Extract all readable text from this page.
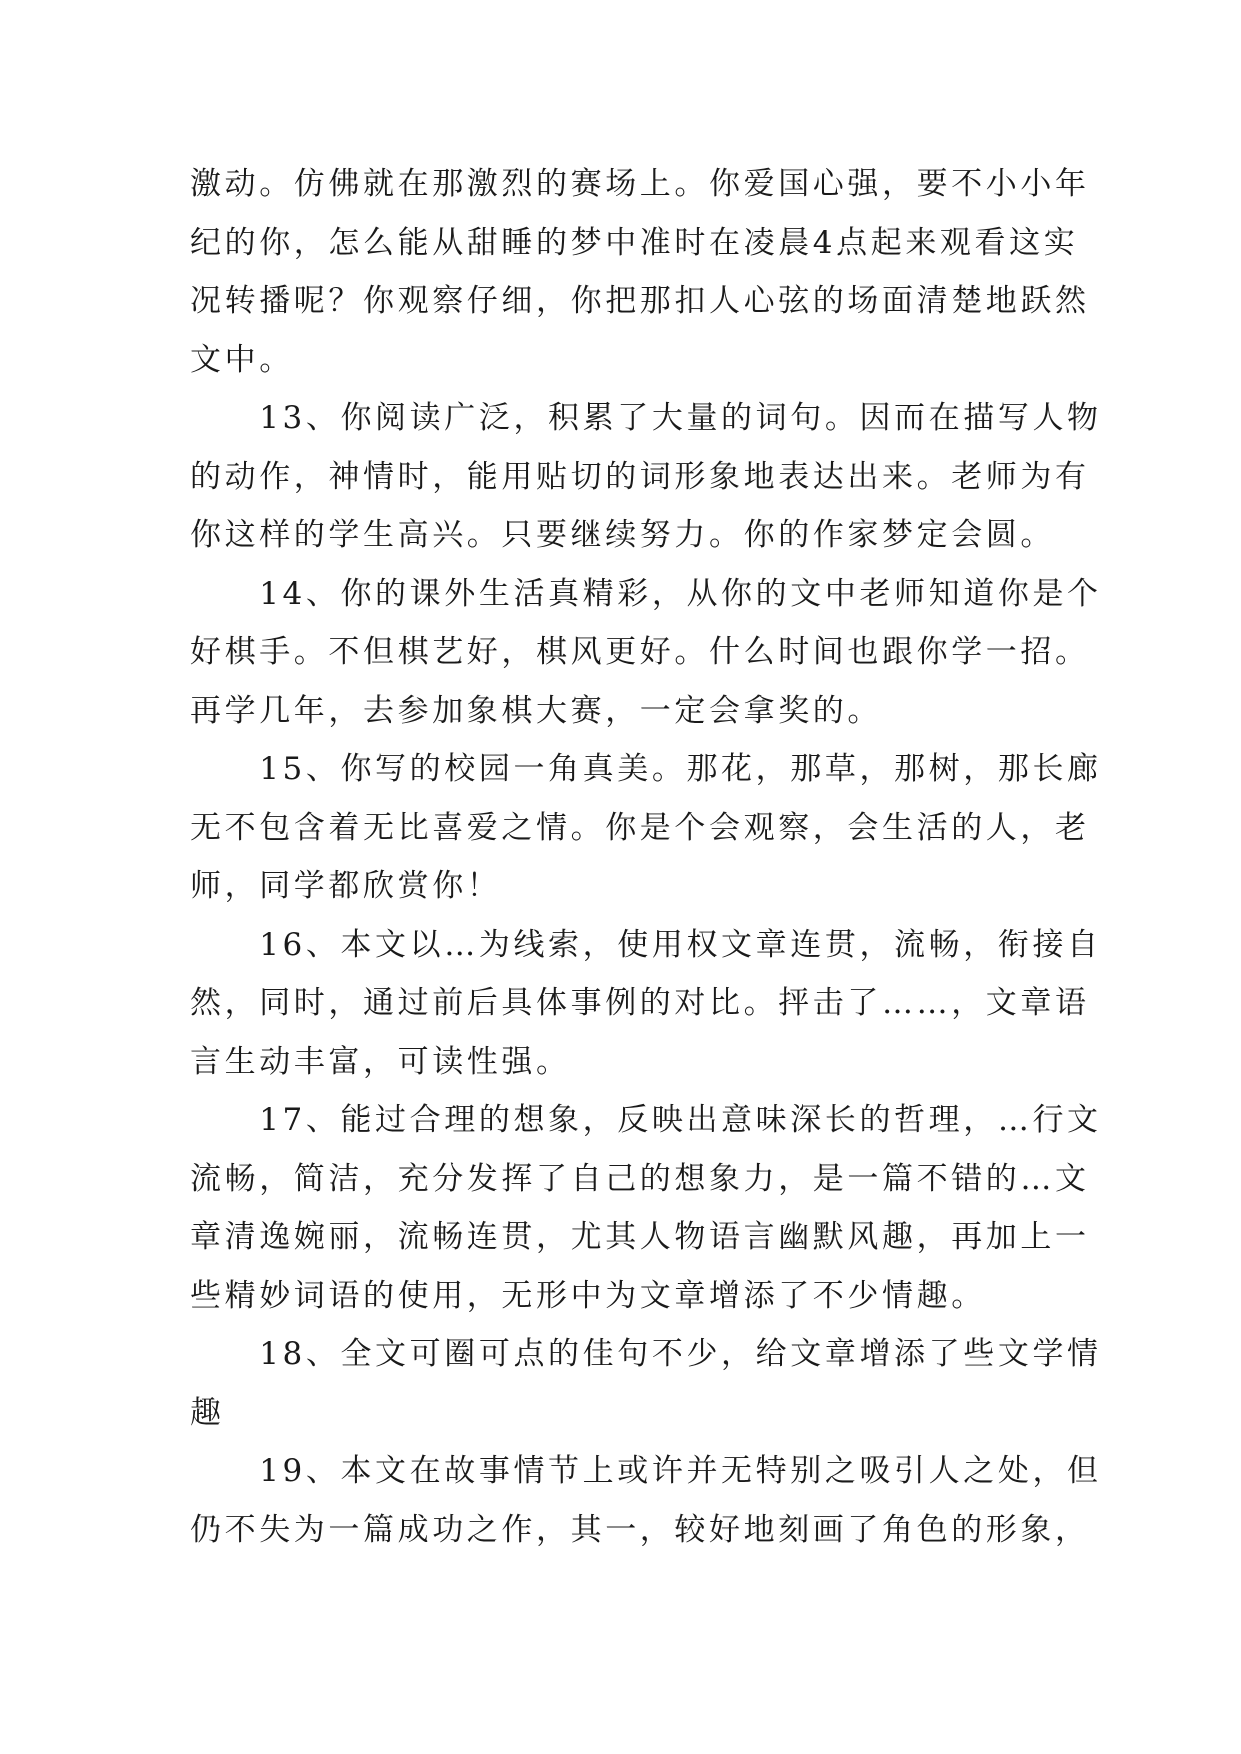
激动。仿佛就在那激烈的赛场上。你爱国心强，要不小小年
纪的你，怎么能从甜睡的梦中准时在凌晨4点起来观看这实
况转播呢？你观察仔细，你把那扣人心弦的场面清楚地跃然
文中。
　　13、你阅读广泛，积累了大量的词句。因而在描写人物
的动作，神情时，能用贴切的词形象地表达出来。老师为有
你这样的学生高兴。只要继续努力。你的作家梦定会圆。
　　14、你的课外生活真精彩，从你的文中老师知道你是个
好棋手。不但棋艺好，棋风更好。什么时间也跟你学一招。
再学几年，去参加象棋大赛，一定会拿奖的。
　　15、你写的校园一角真美。那花，那草，那树，那长廊
无不包含着无比喜爱之情。你是个会观察，会生活的人，老
师，同学都欣赏你！
　　16、本文以…为线索，使用权文章连贯，流畅，衔接自
然，同时，通过前后具体事例的对比。抨击了……，文章语
言生动丰富，可读性强。
　　17、能过合理的想象，反映出意味深长的哲理，…行文
流畅，简洁，充分发挥了自己的想象力，是一篇不错的…文
章清逸婉丽，流畅连贯，尤其人物语言幽默风趣，再加上一
些精妙词语的使用，无形中为文章增添了不少情趣。
　　18、全文可圈可点的佳句不少，给文章增添了些文学情
趣
　　19、本文在故事情节上或许并无特别之吸引人之处，但
仍不失为一篇成功之作，其一，较好地刻画了角色的形象，
